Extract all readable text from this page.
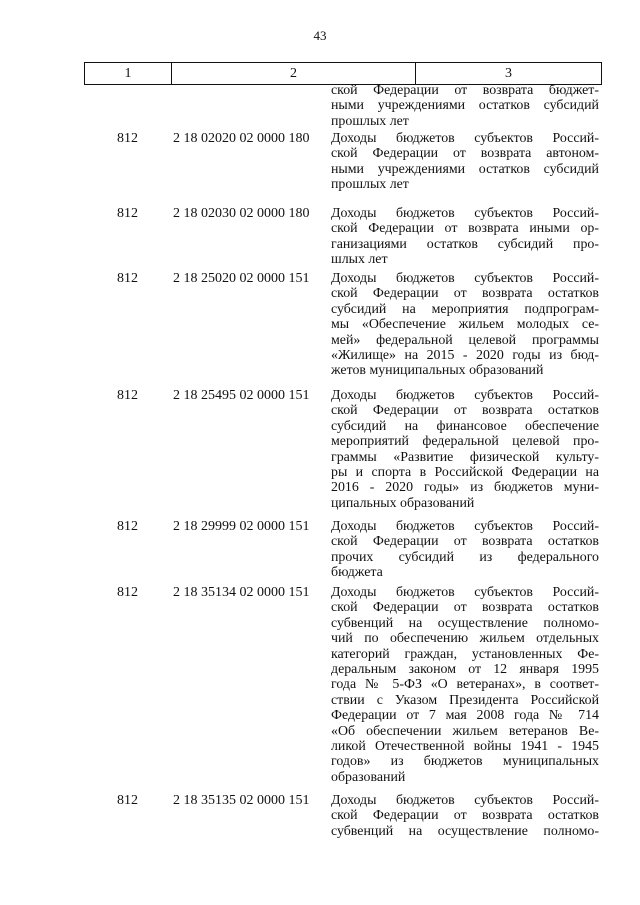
43
1	2	3
ской Федерации от возврата бюджет-
ными учреждениями остатков субсидий
прошлых лет
812	2 18 02020 02 0000 180	Доходы бюджетов субъектов Россий-
ской Федерации от возврата автоном-
ными учреждениями остатков субсидий
прошлых лет
812	2 18 02030 02 0000 180	Доходы бюджетов субъектов Россий-
ской Федерации от возврата иными ор-
ганизациями остатков субсидий про-
шлых лет
812	2 18 25020 02 0000 151	Доходы бюджетов субъектов Россий-
ской Федерации от возврата остатков
субсидий на мероприятия подпрограм-
мы «Обеспечение жильем молодых се-
мей» федеральной целевой программы
«Жилище» на 2015 - 2020 годы из бюд-
жетов муниципальных образований
812	2 18 25495 02 0000 151	Доходы бюджетов субъектов Россий-
ской Федерации от возврата остатков
субсидий на финансовое обеспечение
мероприятий федеральной целевой про-
граммы «Развитие физической культу-
ры и спорта в Российской Федерации на
2016 - 2020 годы» из бюджетов муни-
ципальных образований
812	2 18 29999 02 0000 151	Доходы бюджетов субъектов Россий-
ской Федерации от возврата остатков
прочих субсидий из федерального
бюджета
812	2 18 35134 02 0000 151	Доходы бюджетов субъектов Россий-
ской Федерации от возврата остатков
субвенций на осуществление полномо-
чий по обеспечению жильем отдельных
категорий граждан, установленных Фе-
деральным законом от 12 января 1995
года № 5-ФЗ «О ветеранах», в соответ-
ствии с Указом Президента Российской
Федерации от 7 мая 2008 года № 714
«Об обеспечении жильем ветеранов Ве-
ликой Отечественной войны 1941 - 1945
годов» из бюджетов муниципальных
образований
812	2 18 35135 02 0000 151	Доходы бюджетов субъектов Россий-
ской Федерации от возврата остатков
субвенций на осуществление полномо-
